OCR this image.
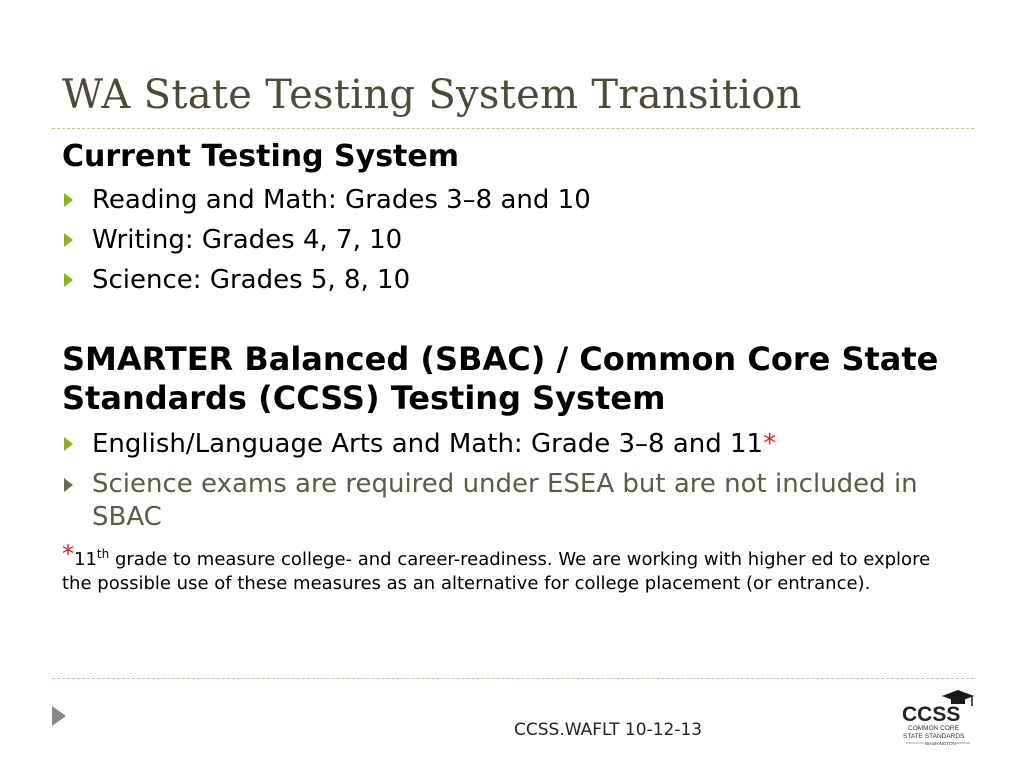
WA State Testing System Transition
Current Testing System
Reading and Math: Grades 3–8 and 10
Writing: Grades 4, 7, 10
Science: Grades 5, 8, 10
SMARTER Balanced (SBAC) / Common Core State Standards (CCSS) Testing System
English/Language Arts and Math: Grade 3–8 and 11*
Science exams are required under ESEA but are not included in SBAC
*11th grade to measure college- and career-readiness. We are working with higher ed to explore the possible use of these measures as an alternative for college placement (or entrance).
CCSS.WAFLT 10-12-13
CCSS
COMMON CORE
STATE STANDARDS
WASHINGTON
